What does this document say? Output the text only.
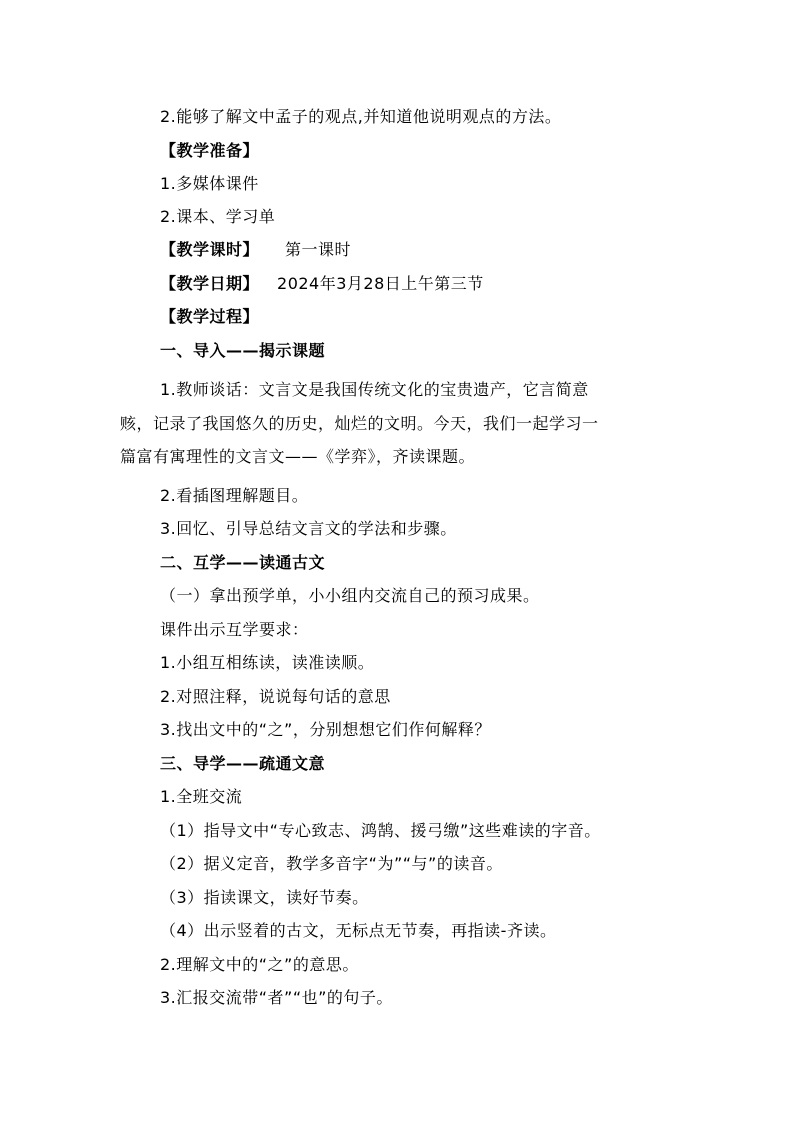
2.能够了解文中孟子的观点,并知道他说明观点的方法。
【教学准备】
1.多媒体课件
2.课本、学习单
【教学课时】 第一课时
【教学日期】 2024年3月28日上午第三节
【教学过程】
一、导入——揭示课题
1.教师谈话：文言文是我国传统文化的宝贵遗产，它言简意
赅，记录了我国悠久的历史，灿烂的文明。今天，我们一起学习一
篇富有寓理性的文言文——《学弈》，齐读课题。
2.看插图理解题目。
3.回忆、引导总结文言文的学法和步骤。
二、互学——读通古文
（一）拿出预学单，小小组内交流自己的预习成果。
课件出示互学要求：
1.小组互相练读，读准读顺。
2.对照注释，说说每句话的意思
3.找出文中的“之”，分别想想它们作何解释？
三、导学——疏通文意
1.全班交流
（1）指导文中“专心致志、鸿鹄、援弓缴”这些难读的字音。
（2）据义定音，教学多音字“为”“与”的读音。
（3）指读课文，读好节奏。
（4）出示竖着的古文，无标点无节奏，再指读-齐读。
2.理解文中的“之”的意思。
3.汇报交流带“者”“也”的句子。
